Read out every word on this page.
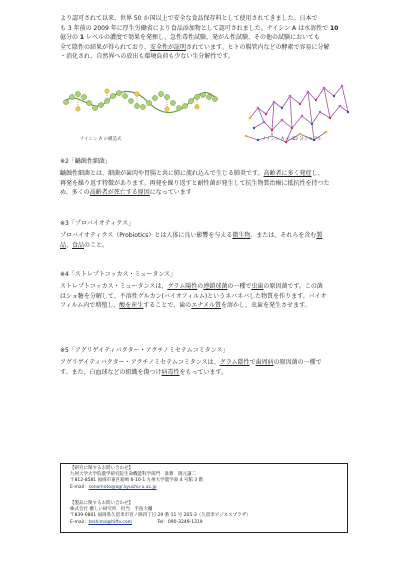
より認可されて以来、世界 50 か国以上で安全な食品保存料として使用されてきました。日本で
も 3 年前の 2009 年に厚生労働省により食品添加物として認可されました。ナイシン A は水溶性で 10
億分の 1 レベルの濃度で効果を発揮し、急性毒性試験、発がん性試験、その他の試験においても
全て陰性の結果が得られており、安全性が証明されています。ヒトの腸管内などの酵素で容易に分解
・消化され、自然界への放出も環境負荷も少ない生分解性です。

ナイシン A の構造式	ナイシン A の 3D 分子モデル

※2「齲蝕性細菌」

齲蝕性細菌とは、細菌が歯肉や胃腸と共に肺に流れ込んで生じる肺炎です。高齢者に多く発症し、
再発を繰り返す特徴があります。再発を繰り返すと耐性菌が発生して抗生物質治療に抵抗性を持つた
め、多くの高齢者が死亡する原因になっています

※3「プロバイオティクス」

プロバイオティクス（Probiotics）とは人体に良い影響を与える微生物、または、それらを含む製
品、食品のこと。

※4「ストレプトコッカス・ミュータンス」

ストレプトコッカス・ミュータンスは、グラム陽性の連鎖球菌の一種で虫歯の原因菌です。この菌
はショ糖を分解して、不溶性グルカン(バイオフィルム)というネバネバした物質を作ります。バイオ
フィルム内で増殖し、酸を産生することで、歯のエナメル質を溶かし、虫歯を発生させます。

※5「アグリゲイティバクター・アクチノミセテムコミタンス」

アグリゲイティバクター・アクチノミセテムコミタンスは、グラム陰性で歯周病の原因菌の一種で
す。また、白血球などの組織を傷つけ病毒性をもっています。

【研究に関するお問い合わせ】
九州大学大学院農学研究院生命機能科学部門　准教　園元謙二
〒812-8581 福岡市東区箱崎 6-10-1 九州大学農学部 4 号館 3 階
E-mail：sonomoto@agr.kyushu-u.ac.jp

【製品に関するお問い合わせ】
株式会社 優しい研究所　担当：手島大輔
〒839-0801 福岡県久留米市宮ノ陣四丁目 29 番 11 号 205-3（久留米ビジネスプラザ）
E-mail：teshima@hiftv.com	Tel：090-3249-1319
